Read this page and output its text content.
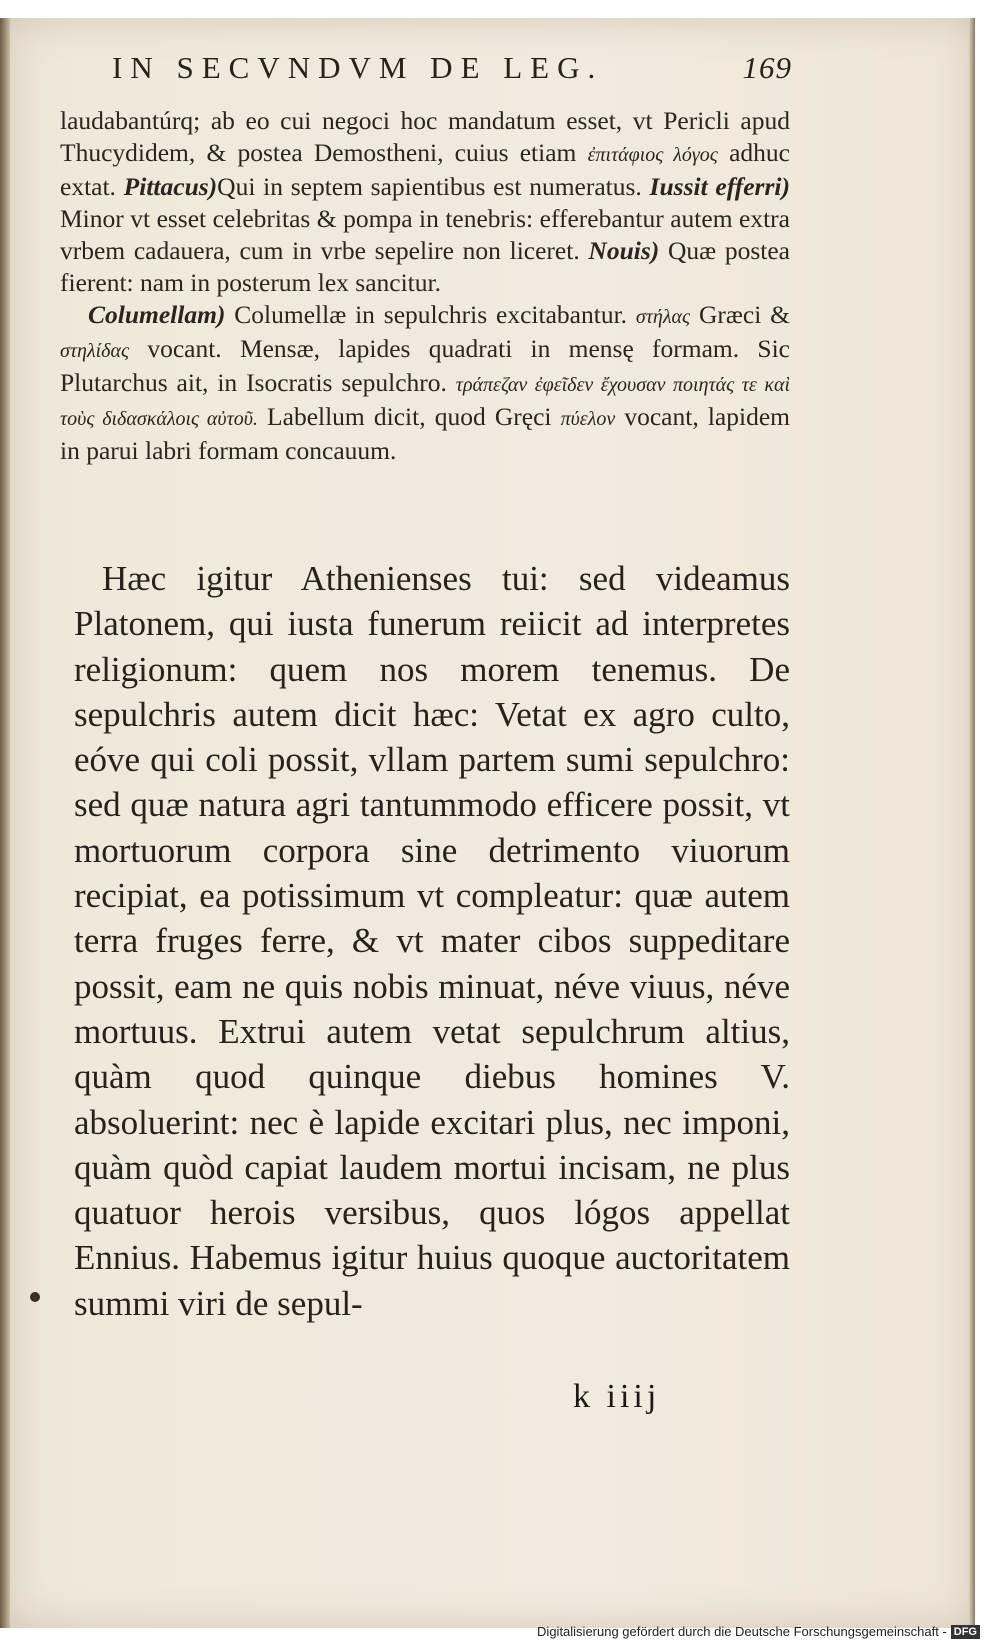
IN SECVNDVM DE LEG.	169

laudabantúrq; ab eo cui negoci hoc mandatum esset, vt Pericli apud Thucydidem, & postea Demostheni, cuius etiam ἐπιτάφιος λόγος adhuc extat. Pittacus)Qui in septem sapientibus est numeratus. Iussit efferri) Minor vt esset celebritas & pompa in tenebris: efferebantur autem extra vrbem cadauera, cum in vrbe sepelire non liceret. Nouis) Quæ postea fierent: nam in posterum lex sancitur.

Columellam) Columellæ in sepulchris excitabantur. στήλας Græci & στηλίδας vocant. Mensæ, lapides quadrati in mensę formam. Sic Plutarchus ait, in Isocratis sepulchro. τράπεζαν ἐφεῖδεν ἔχουσαν ποιητάς τε καὶ τοὺς διδασκάλοις αὐτοῦ. Labellum dicit, quod Gręci πύελον vocant, lapidem in parui labri formam concauum.

Hæc igitur Athenienses tui: sed videamus Platonem, qui iusta funerum reiicit ad interpretes religionum: quem nos morem tenemus. De sepulchris autem dicit hæc: Vetat ex agro culto, eóve qui coli possit, vllam partem sumi sepulchro: sed quæ natura agri tantummodo efficere possit, vt mortuorum corpora sine detrimento viuorum recipiat, ea potissimum vt compleatur: quæ autem terra fruges ferre, & vt mater cibos suppeditare possit, eam ne quis nobis minuat, néve viuus, néve mortuus. Extrui autem vetat sepulchrum altius, quàm quod quinque diebus homines V. absoluerint: nec è lapide excitari plus, nec imponi, quàm quòd capiat laudem mortui incisam, ne plus quatuor herois versibus, quos lógos appellat Ennius. Habemus igitur huius quoque auctoritatem summi viri de sepul-

k iiij
Digitalisierung gefördert durch die Deutsche Forschungsgemeinschaft - DFG
